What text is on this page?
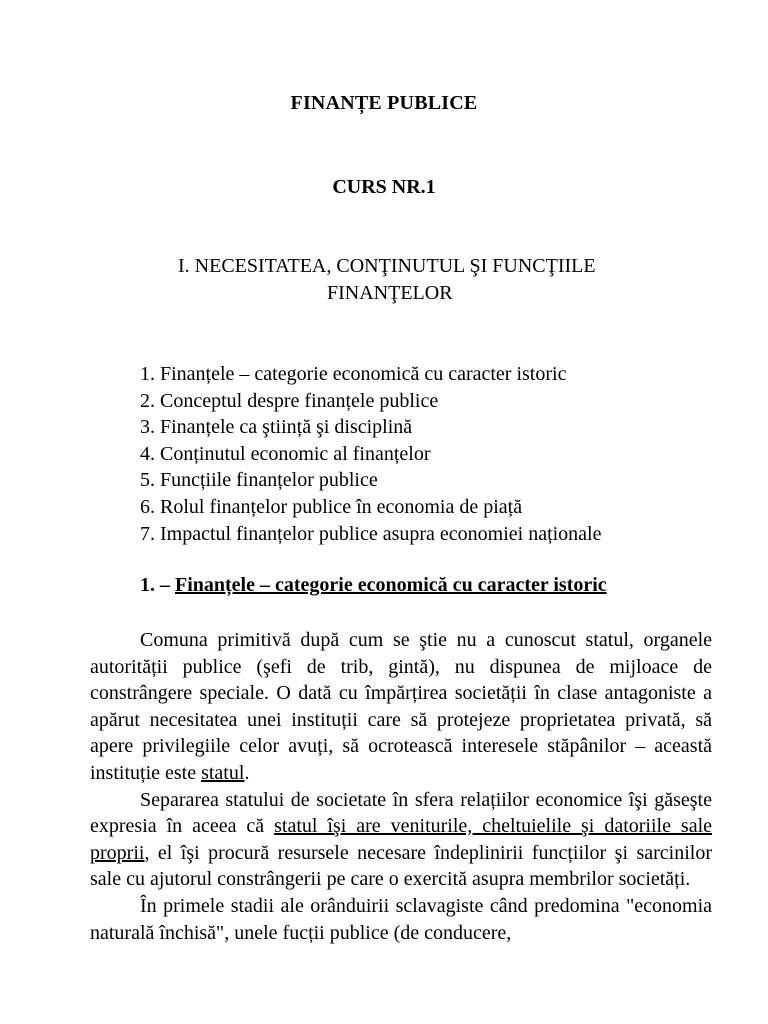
FINANȚE PUBLICE
CURS NR.1
I. NECESITATEA, CONŢINUTUL ŞI FUNCŢIILE
FINANŢELOR
1. Finanțele – categorie economică cu caracter istoric
2. Conceptul despre finanțele publice
3. Finanțele ca ştiință şi disciplină
4. Conținutul economic al finanțelor
5. Funcțiile finanțelor publice
6. Rolul finanțelor publice în economia de piață
7. Impactul finanțelor publice asupra economiei naționale
1. – Finanțele – categorie economică cu caracter istoric

Comuna primitivă după cum se ştie nu a cunoscut statul, organele autorității publice (şefi de trib, gintă), nu dispunea de mijloace de constrângere speciale. O dată cu împărțirea societății în clase antagoniste a apărut necesitatea unei instituții care să protejeze proprietatea privată, să apere privilegiile celor avuți, să ocrotească interesele stăpânilor – această instituție este statul.

Separarea statului de societate în sfera relațiilor economice îşi găseşte expresia în aceea că statul îşi are veniturile, cheltuielile şi datoriile sale proprii, el îşi procură resursele necesare îndeplinirii funcțiilor şi sarcinilor sale cu ajutorul constrângerii pe care o exercită asupra membrilor societăți.

În primele stadii ale orânduirii sclavagiste când predomina "economia naturală închisă", unele fucții publice (de conducere,
